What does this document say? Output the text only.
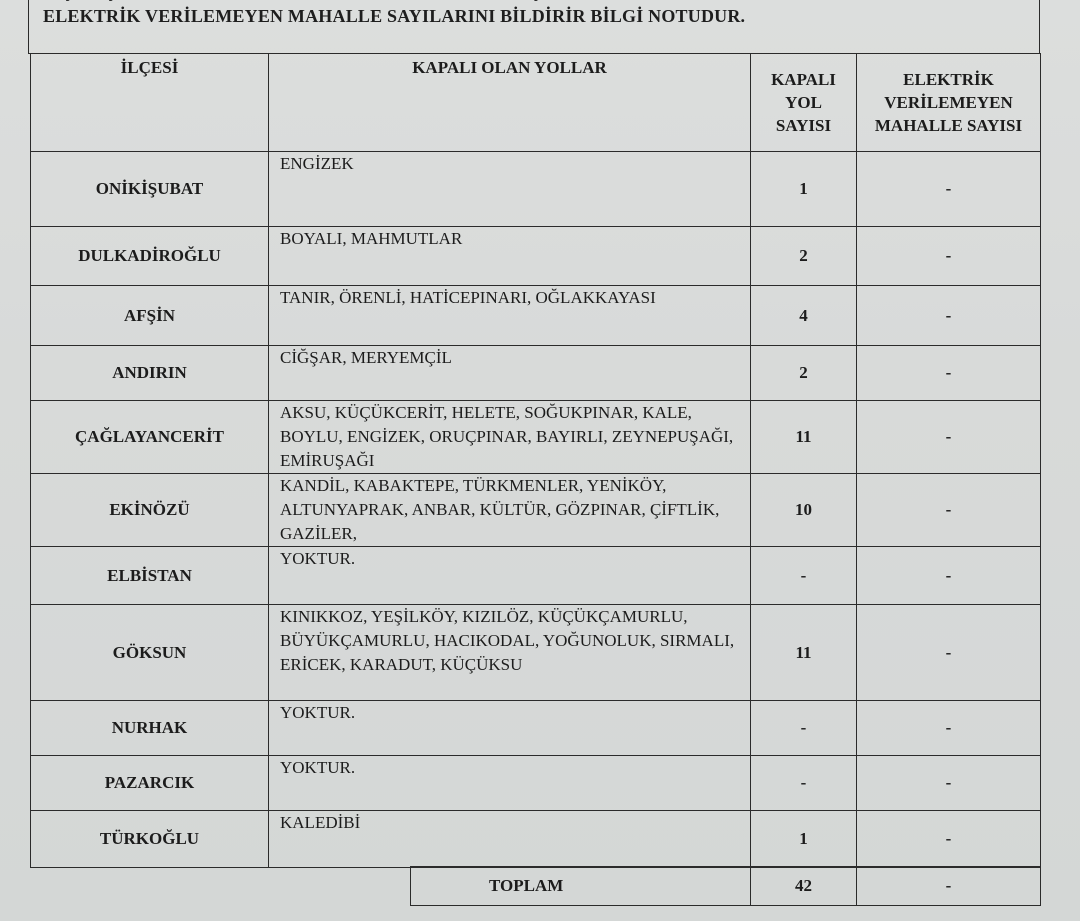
ELEKTRİK VERİLEMEYEN MAHALLE SAYILARINI BİLDİRİR BİLGİ NOTUDUR.
İLÇESİ	KAPALI OLAN YOLLAR	KAPALI YOL SAYISI	ELEKTRİK VERİLEMEYEN MAHALLE SAYISI
ONİKİŞUBAT	ENGİZEK	1	-
DULKADİROĞLU	BOYALI, MAHMUTLAR	2	-
AFŞİN	TANIR, ÖRENLİ, HATİCEPINARI, OĞLAKKAYASI	4	-
ANDIRIN	CİĞŞAR, MERYEMÇİL	2	-
ÇAĞLAYANCERİT	AKSU, KÜÇÜKCERİT, HELETE, SOĞUKPINAR, KALE, BOYLU, ENGİZEK, ORUÇPINAR, BAYIRLI, ZEYNEPUŞAĞI, EMİRUŞAĞI	11	-
EKİNÖZÜ	KANDİL, KABAKTEPE, TÜRKMENLER, YENİKÖY, ALTUNYAPRAK, ANBAR, KÜLTÜR, GÖZPINAR, ÇİFTLİK, GAZİLER,	10	-
ELBİSTAN	YOKTUR.	-	-
GÖKSUN	KINIKKOZ, YEŞİLKÖY, KIZILÖZ, KÜÇÜKÇAMURLU, BÜYÜKÇAMURLU, HACIKODAL, YOĞUNOLUK, SIRMALI, ERİCEK, KARADUT, KÜÇÜKSU	11	-
NURHAK	YOKTUR.	-	-
PAZARCIK	YOKTUR.	-	-
TÜRKOĞLU	KALEDİBİ	1	-
TOPLAM	42	-
